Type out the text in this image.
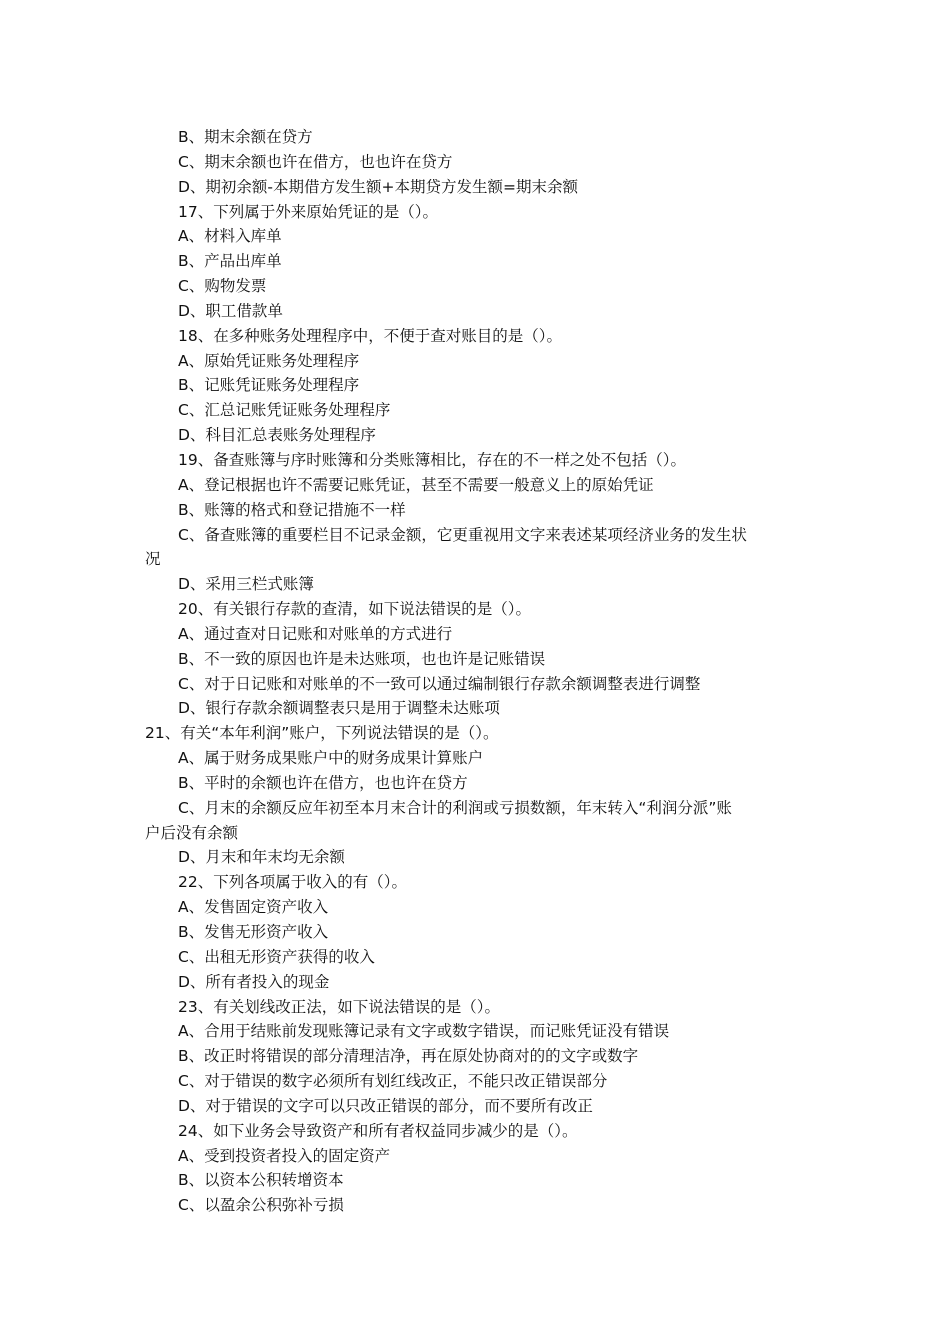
B、期末余额在贷方
C、期末余额也许在借方，也也许在贷方
D、期初余额-本期借方发生额+本期贷方发生额=期末余额
17、下列属于外来原始凭证的是（）。
A、材料入库单
B、产品出库单
C、购物发票
D、职工借款单
18、在多种账务处理程序中，不便于查对账目的是（）。
A、原始凭证账务处理程序
B、记账凭证账务处理程序
C、汇总记账凭证账务处理程序
D、科目汇总表账务处理程序
19、备查账簿与序时账簿和分类账簿相比，存在的不一样之处不包括（）。
A、登记根据也许不需要记账凭证，甚至不需要一般意义上的原始凭证
B、账簿的格式和登记措施不一样
C、备查账簿的重要栏目不记录金额，它更重视用文字来表述某项经济业务的发生状
况
D、采用三栏式账簿
20、有关银行存款的查清，如下说法错误的是（）。
A、通过查对日记账和对账单的方式进行
B、不一致的原因也许是未达账项，也也许是记账错误
C、对于日记账和对账单的不一致可以通过编制银行存款余额调整表进行调整
D、银行存款余额调整表只是用于调整未达账项
21、有关“本年利润”账户，下列说法错误的是（）。
A、属于财务成果账户中的财务成果计算账户
B、平时的余额也许在借方，也也许在贷方
C、月末的余额反应年初至本月末合计的利润或亏损数额，年末转入“利润分派”账
户后没有余额
D、月末和年末均无余额
22、下列各项属于收入的有（）。
A、发售固定资产收入
B、发售无形资产收入
C、出租无形资产获得的收入
D、所有者投入的现金
23、有关划线改正法，如下说法错误的是（）。
A、合用于结账前发现账簿记录有文字或数字错误，而记账凭证没有错误
B、改正时将错误的部分清理洁净，再在原处协商对的的文字或数字
C、对于错误的数字必须所有划红线改正，不能只改正错误部分
D、对于错误的文字可以只改正错误的部分，而不要所有改正
24、如下业务会导致资产和所有者权益同步减少的是（）。
A、受到投资者投入的固定资产
B、以资本公积转增资本
C、以盈余公积弥补亏损
